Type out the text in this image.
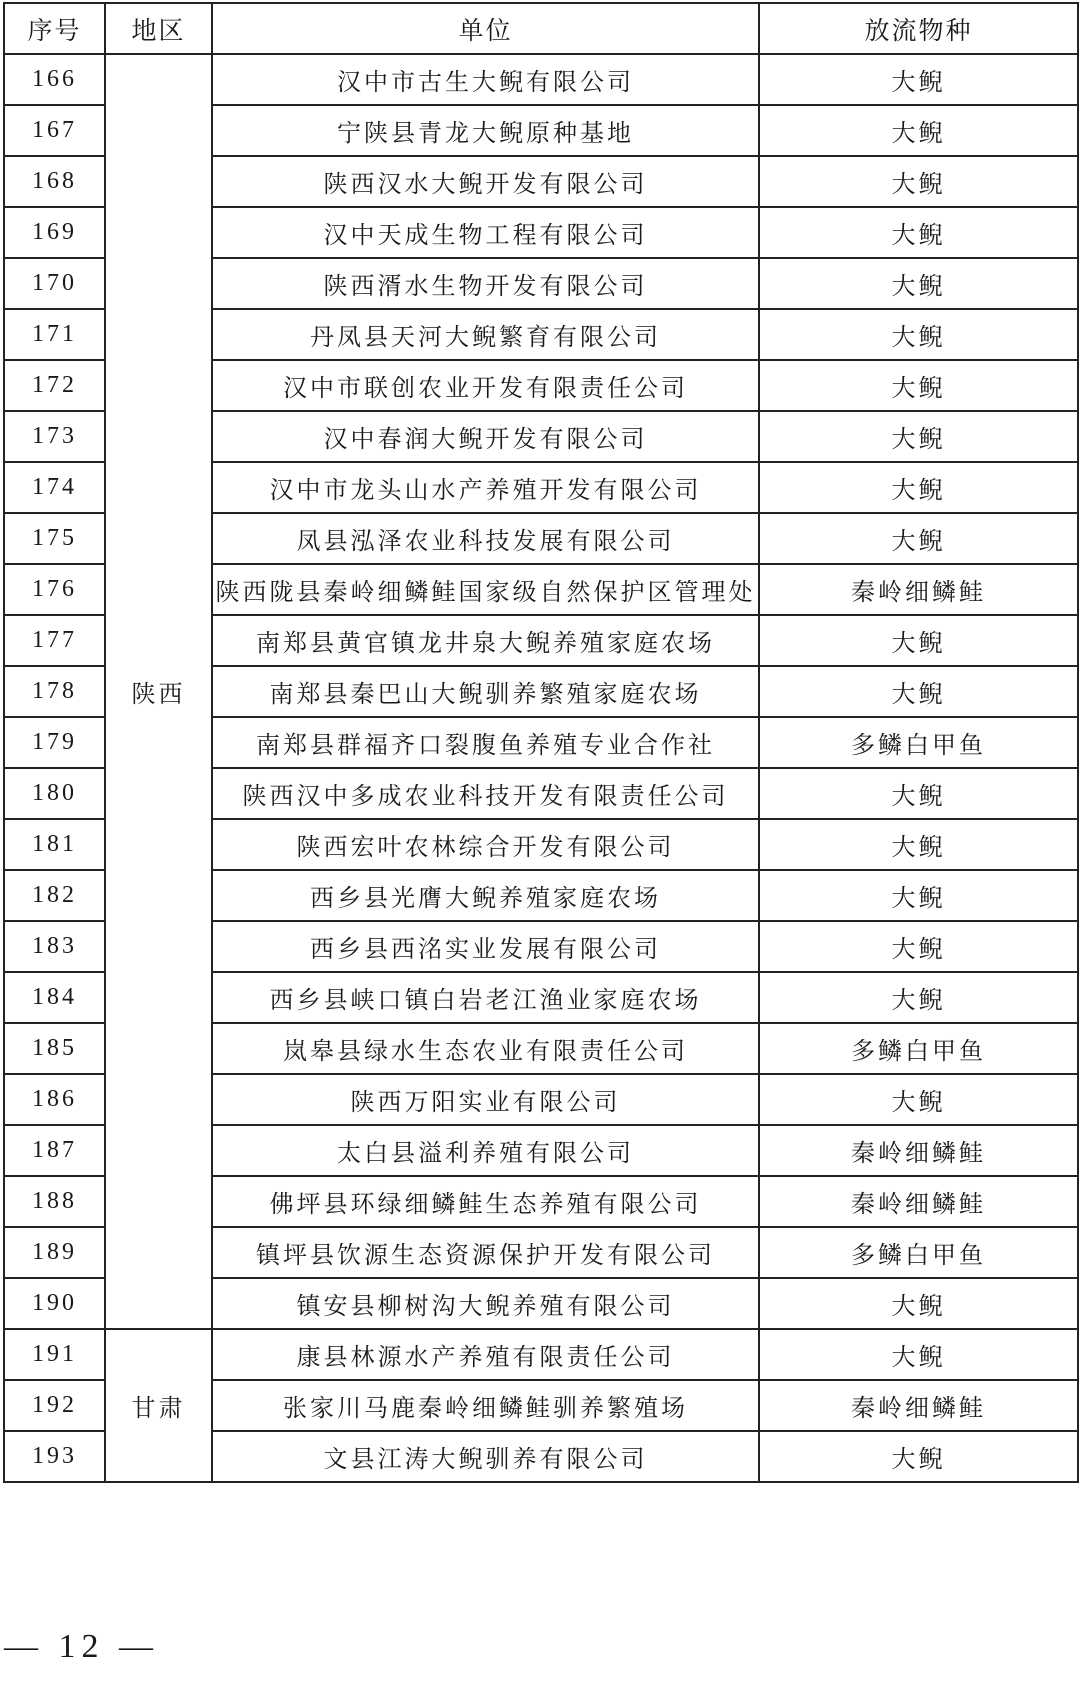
序号	地区	单位	放流物种
166	陕西	汉中市古生大鲵有限公司	大鲵
167		宁陕县青龙大鲵原种基地	大鲵
168		陕西汉水大鲵开发有限公司	大鲵
169		汉中天成生物工程有限公司	大鲵
170		陕西湑水生物开发有限公司	大鲵
171		丹凤县天河大鲵繁育有限公司	大鲵
172		汉中市联创农业开发有限责任公司	大鲵
173		汉中春润大鲵开发有限公司	大鲵
174		汉中市龙头山水产养殖开发有限公司	大鲵
175		凤县泓泽农业科技发展有限公司	大鲵
176		陕西陇县秦岭细鳞鲑国家级自然保护区管理处	秦岭细鳞鲑
177		南郑县黄官镇龙井泉大鲵养殖家庭农场	大鲵
178		南郑县秦巴山大鲵驯养繁殖家庭农场	大鲵
179		南郑县群福齐口裂腹鱼养殖专业合作社	多鳞白甲鱼
180		陕西汉中多成农业科技开发有限责任公司	大鲵
181		陕西宏叶农林综合开发有限公司	大鲵
182		西乡县光膺大鲵养殖家庭农场	大鲵
183		西乡县西洺实业发展有限公司	大鲵
184		西乡县峡口镇白岩老江渔业家庭农场	大鲵
185		岚皋县绿水生态农业有限责任公司	多鳞白甲鱼
186		陕西万阳实业有限公司	大鲵
187		太白县溢利养殖有限公司	秦岭细鳞鲑
188		佛坪县环绿细鳞鲑生态养殖有限公司	秦岭细鳞鲑
189		镇坪县饮源生态资源保护开发有限公司	多鳞白甲鱼
190		镇安县柳树沟大鲵养殖有限公司	大鲵
191	甘肃	康县林源水产养殖有限责任公司	大鲵
192		张家川马鹿秦岭细鳞鲑驯养繁殖场	秦岭细鳞鲑
193		文县江涛大鲵驯养有限公司	大鲵
— 12 —
